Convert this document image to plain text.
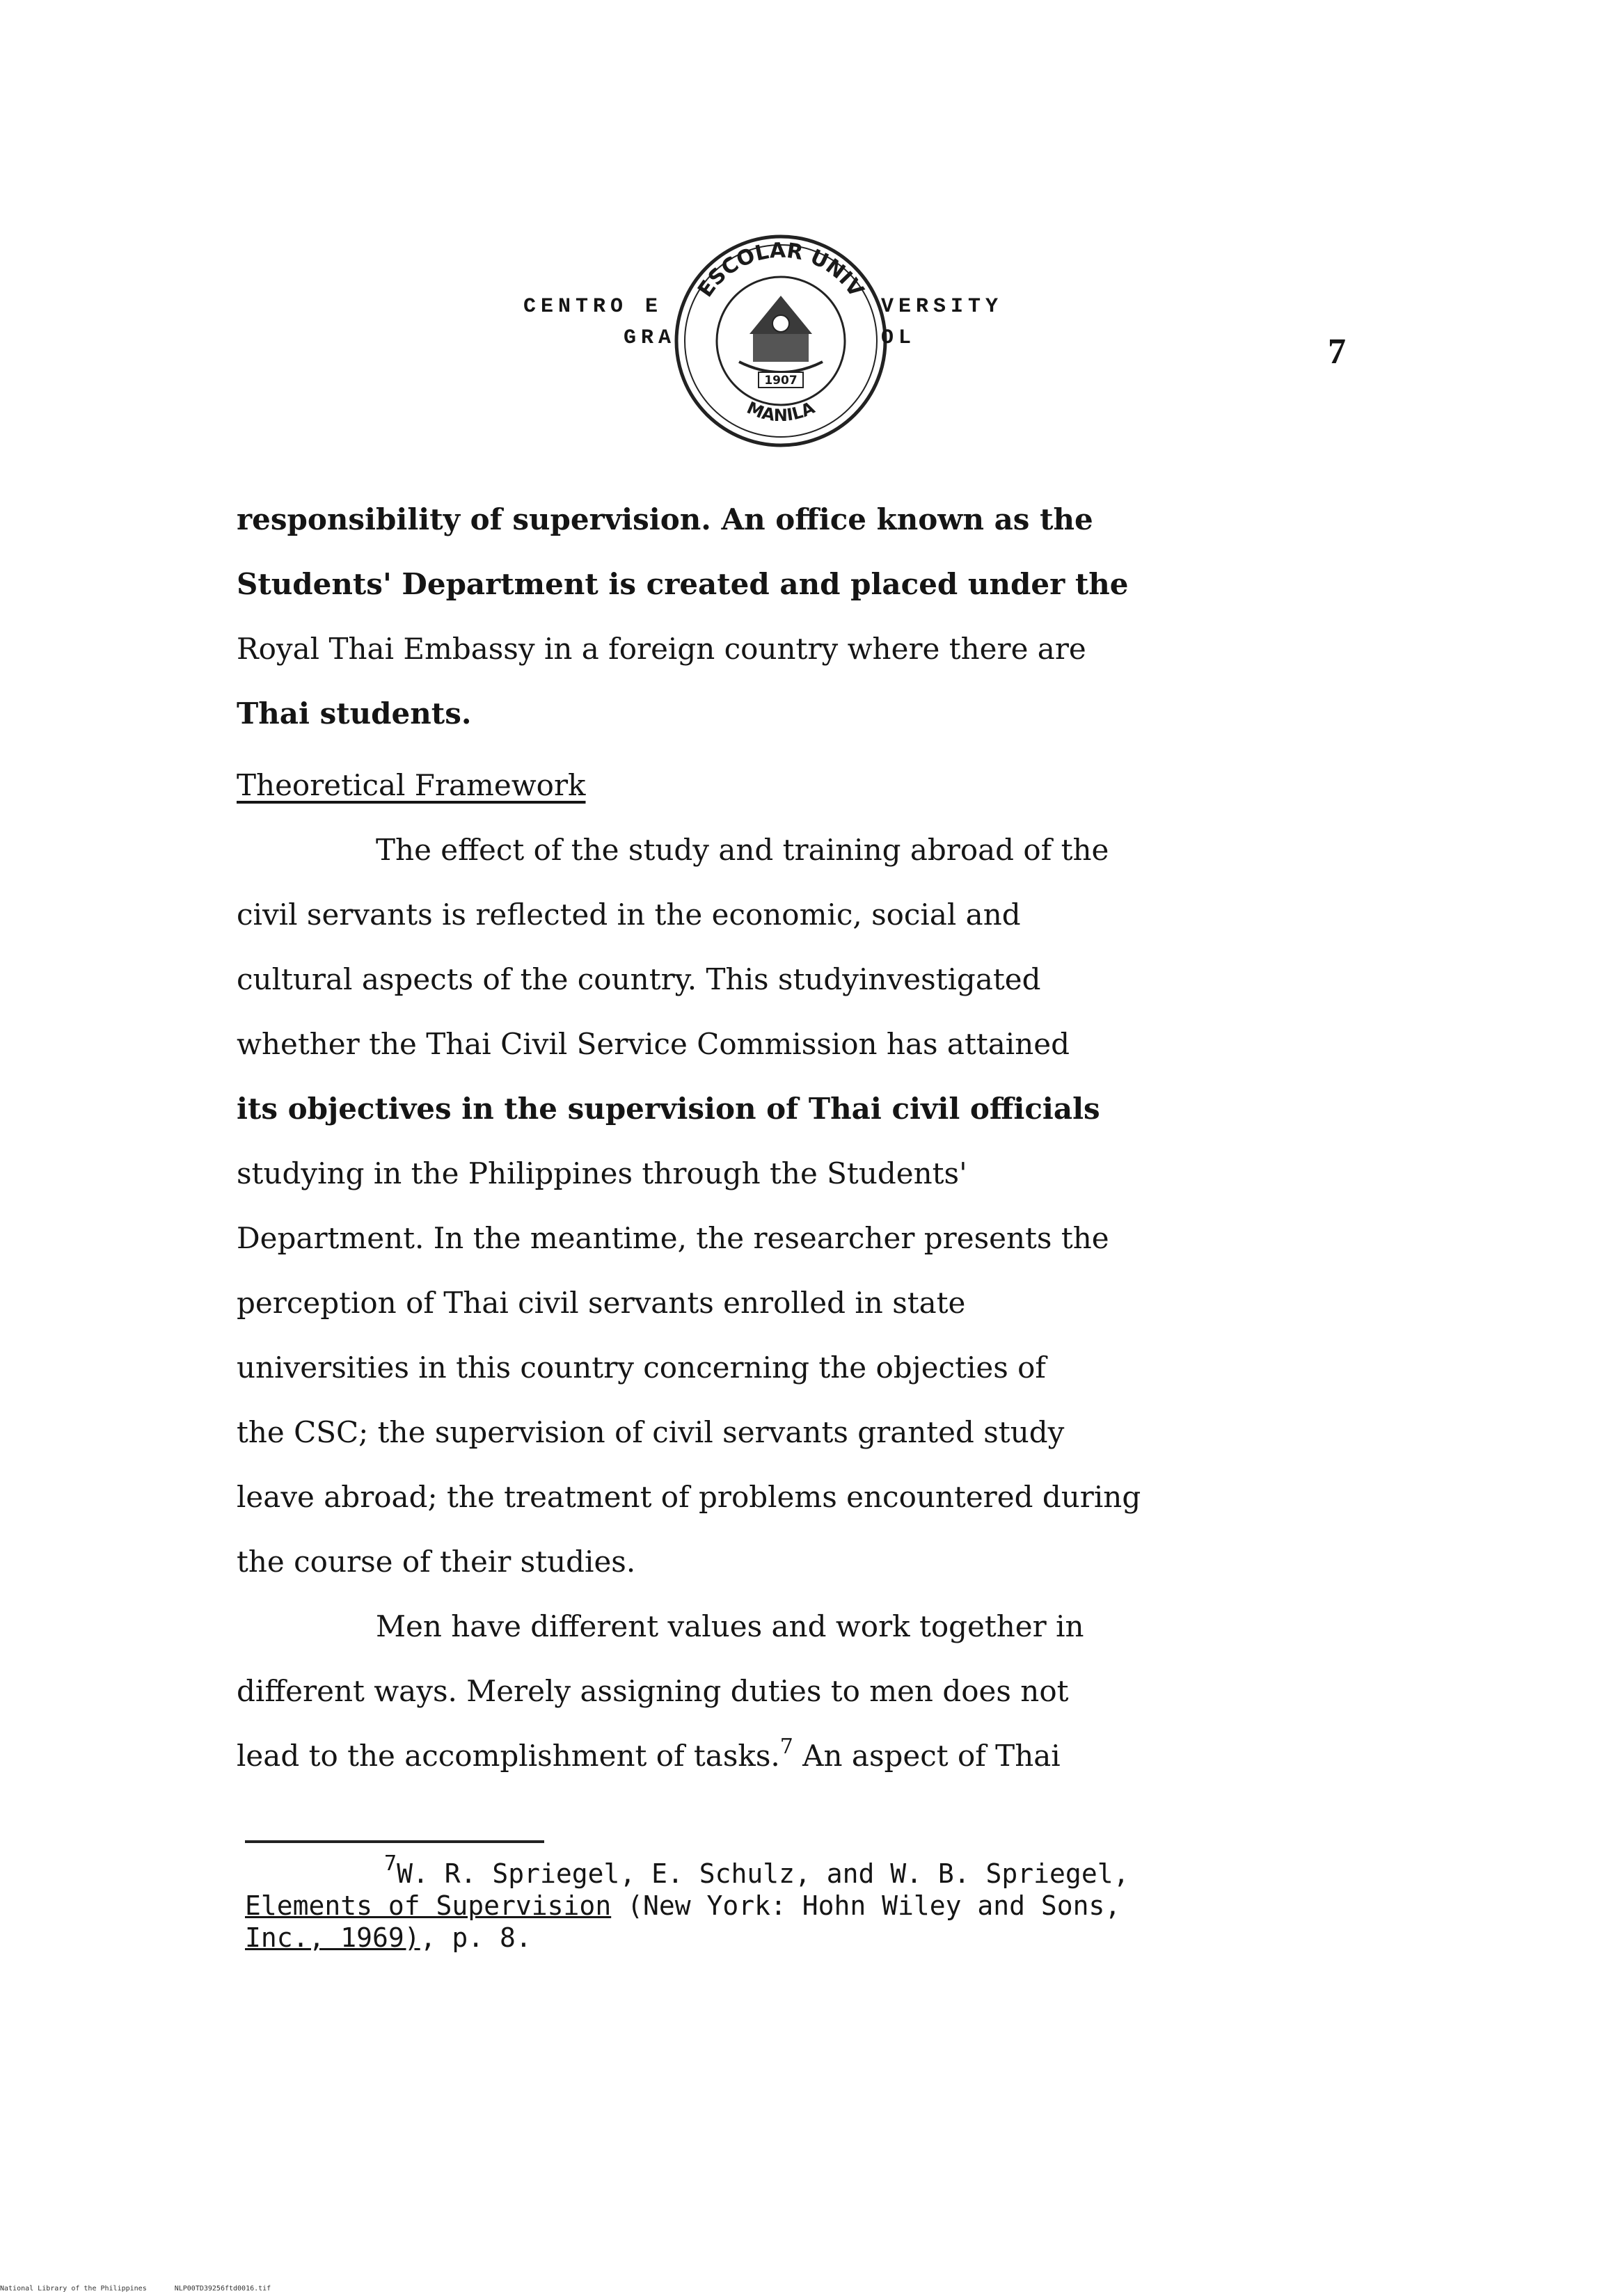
CENTRO E
GRA
ESCOLAR UNIV
MANILA
1907
VERSITY
OL	7
responsibility of supervision. An office known as the
Students' Department is created and placed under the
Royal Thai Embassy in a foreign country where there are
Thai students.
Theoretical Framework
The effect of the study and training abroad of the
civil servants is reflected in the economic, social and
cultural aspects of the country. This studyinvestigated
whether the Thai Civil Service Commission has attained
its objectives in the supervision of Thai civil officials
studying in the Philippines through the Students'
Department. In the meantime, the researcher presents the
perception of Thai civil servants enrolled in state
universities in this country concerning the objecties of
the CSC; the supervision of civil servants granted study
leave abroad; the treatment of problems encountered during
the course of their studies.
Men have different values and work together in
different ways. Merely assigning duties to men does not
lead to the accomplishment of tasks.$^7$ An aspect of Thai
$^7$W. R. Spriegel, E. Schulz, and W. B. Spriegel,
Elements of Supervision (New York: Hohn Wiley and Sons,
Inc., 1969), p. 8.
National Library of the Philippines	NLP00TD39256ftd0016.tif
